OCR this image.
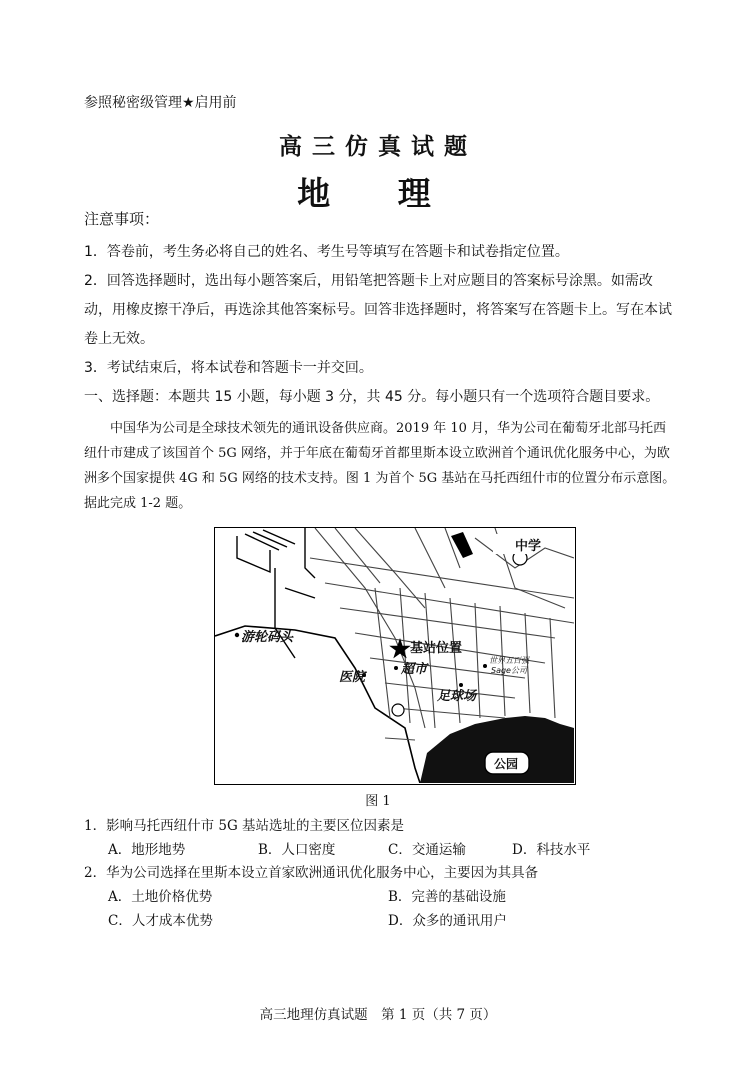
参照秘密级管理★启用前
高三仿真试题
地 理
注意事项：
1．答卷前，考生务必将自己的姓名、考生号等填写在答题卡和试卷指定位置。
2．回答选择题时，选出每小题答案后，用铅笔把答题卡上对应题目的答案标号涂黑。如需改动，用橡皮擦干净后，再选涂其他答案标号。回答非选择题时，将答案写在答题卡上。写在本试卷上无效。
3．考试结束后，将本试卷和答题卡一并交回。
一、选择题：本题共 15 小题，每小题 3 分，共 45 分。每小题只有一个选项符合题目要求。
中国华为公司是全球技术领先的通讯设备供应商。2019 年 10 月，华为公司在葡萄牙北部马托西纽什市建成了该国首个 5G 网络，并于年底在葡萄牙首都里斯本设立欧洲首个通讯优化服务中心，为欧洲多个国家提供 4G 和 5G 网络的技术支持。图 1 为首个 5G 基站在马托西纽什市的位置分布示意图。据此完成 1-2 题。
中学
游轮码头
基站位置
医院
超市
世界五百强
Sage公司
足球场
公园
图 1
1．影响马托西纽什市 5G 基站选址的主要区位因素是
A．地形地势	B．人口密度	C．交通运输	D．科技水平
2．华为公司选择在里斯本设立首家欧洲通讯优化服务中心，主要因为其具备
A．土地价格优势	B．完善的基础设施
C．人才成本优势	D．众多的通讯用户
高三地理仿真试题　第 1 页（共 7 页）
